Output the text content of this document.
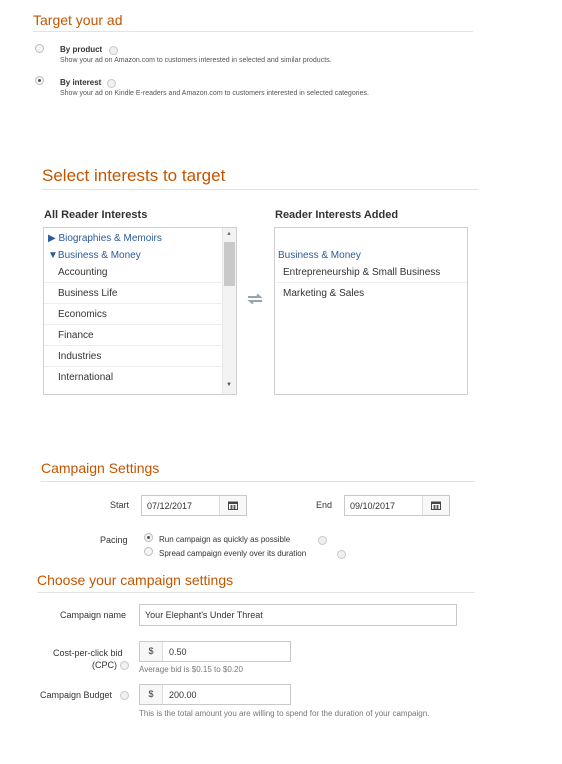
Target your ad
By product
Show your ad on Amazon.com to customers interested in selected and similar products.
By interest
Show your ad on Kindle E-readers and Amazon.com to customers interested in selected categories.
Select interests to target
All Reader Interests	Reader Interests Added
▶ Biographies & Memoirs
▼Business & Money
Accounting
Business Life
Economics
Finance
Industries
International
▲
▼
Business & Money
Entrepreneurship & Small Business
Marketing & Sales
Campaign Settings
Start 07/12/2017	End 09/10/2017
Pacing	Run campaign as quickly as possible
Spread campaign evenly over its duration
Choose your campaign settings
Campaign name Your Elephant's Under Threat
Cost-per-click bid
(CPC)
$	0.50
Average bid is $0.15 to $0.20
Campaign Budget	$	200.00
This is the total amount you are willing to spend for the duration of your campaign.
